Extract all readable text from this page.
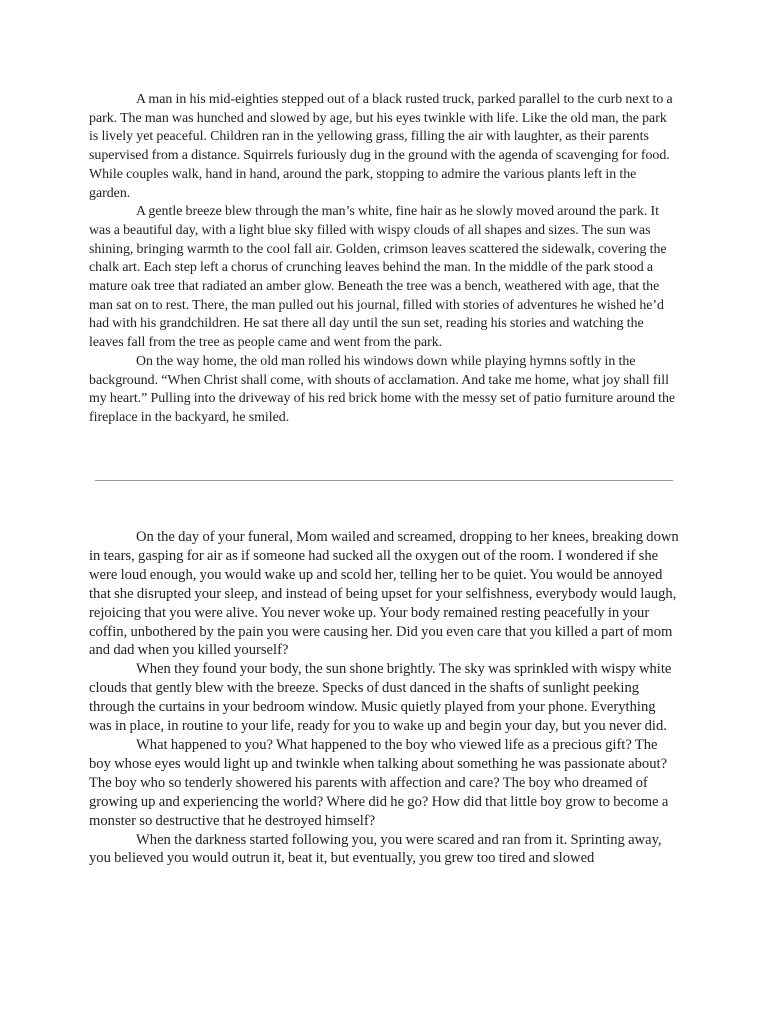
A man in his mid-eighties stepped out of a black rusted truck, parked parallel to the curb next to a park. The man was hunched and slowed by age, but his eyes twinkle with life. Like the old man, the park is lively yet peaceful. Children ran in the yellowing grass, filling the air with laughter, as their parents supervised from a distance. Squirrels furiously dug in the ground with the agenda of scavenging for food. While couples walk, hand in hand, around the park, stopping to admire the various plants left in the garden.

A gentle breeze blew through the man’s white, fine hair as he slowly moved around the park. It was a beautiful day, with a light blue sky filled with wispy clouds of all shapes and sizes. The sun was shining, bringing warmth to the cool fall air. Golden, crimson leaves scattered the sidewalk, covering the chalk art. Each step left a chorus of crunching leaves behind the man. In the middle of the park stood a mature oak tree that radiated an amber glow. Beneath the tree was a bench, weathered with age, that the man sat on to rest. There, the man pulled out his journal, filled with stories of adventures he wished he’d had with his grandchildren. He sat there all day until the sun set, reading his stories and watching the leaves fall from the tree as people came and went from the park.

On the way home, the old man rolled his windows down while playing hymns softly in the background. “When Christ shall come, with shouts of acclamation. And take me home, what joy shall fill my heart.” Pulling into the driveway of his red brick home with the messy set of patio furniture around the fireplace in the backyard, he smiled.

On the day of your funeral, Mom wailed and screamed, dropping to her knees, breaking down in tears, gasping for air as if someone had sucked all the oxygen out of the room. I wondered if she were loud enough, you would wake up and scold her, telling her to be quiet. You would be annoyed that she disrupted your sleep, and instead of being upset for your selfishness, everybody would laugh, rejoicing that you were alive. You never woke up. Your body remained resting peacefully in your coffin, unbothered by the pain you were causing her. Did you even care that you killed a part of mom and dad when you killed yourself?

When they found your body, the sun shone brightly. The sky was sprinkled with wispy white clouds that gently blew with the breeze. Specks of dust danced in the shafts of sunlight peeking through the curtains in your bedroom window. Music quietly played from your phone. Everything was in place, in routine to your life, ready for you to wake up and begin your day, but you never did.

What happened to you? What happened to the boy who viewed life as a precious gift? The boy whose eyes would light up and twinkle when talking about something he was passionate about? The boy who so tenderly showered his parents with affection and care? The boy who dreamed of growing up and experiencing the world? Where did he go? How did that little boy grow to become a monster so destructive that he destroyed himself?

When the darkness started following you, you were scared and ran from it. Sprinting away, you believed you would outrun it, beat it, but eventually, you grew too tired and slowed
